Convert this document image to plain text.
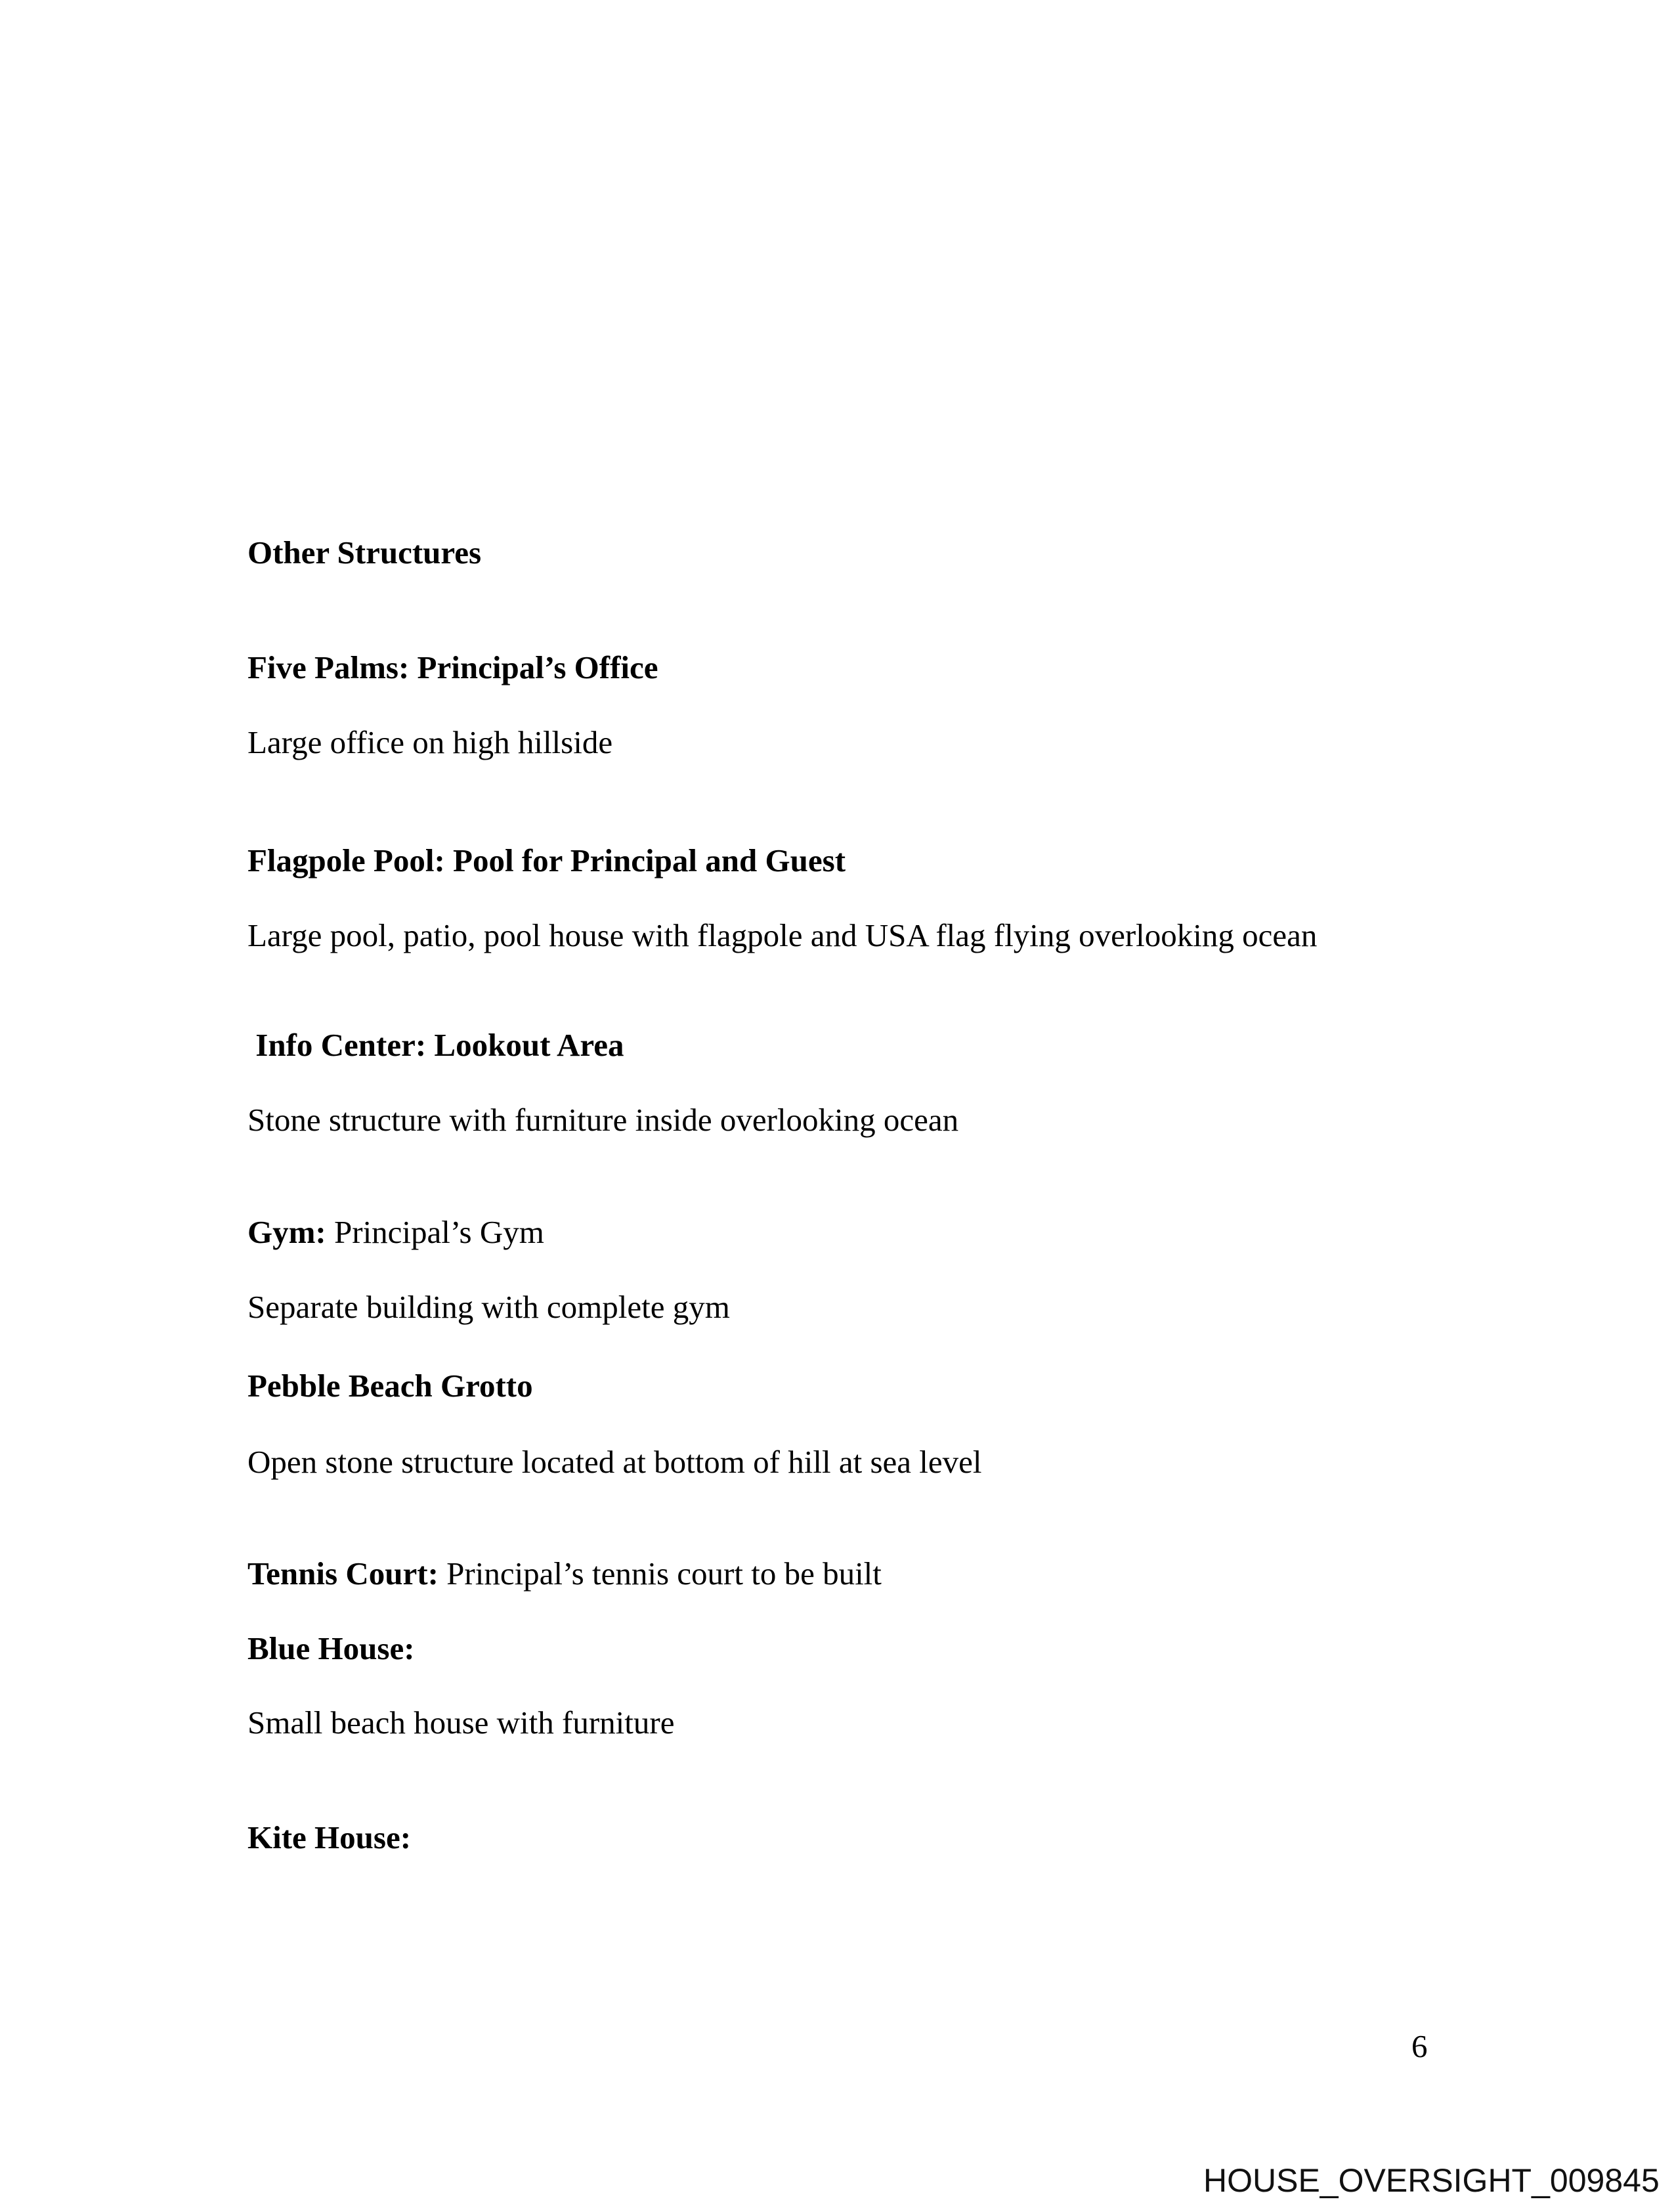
Other Structures

Five Palms: Principal’s Office

Large office on high hillside

Flagpole Pool: Pool for Principal and Guest

Large pool, patio, pool house with flagpole and USA flag flying overlooking ocean

Info Center: Lookout Area

Stone structure with furniture inside overlooking ocean

Gym: Principal’s Gym

Separate building with complete gym

Pebble Beach Grotto

Open stone structure located at bottom of hill at sea level

Tennis Court: Principal’s tennis court to be built

Blue House:

Small beach house with furniture

Kite House:

6

HOUSE_OVERSIGHT_009845
